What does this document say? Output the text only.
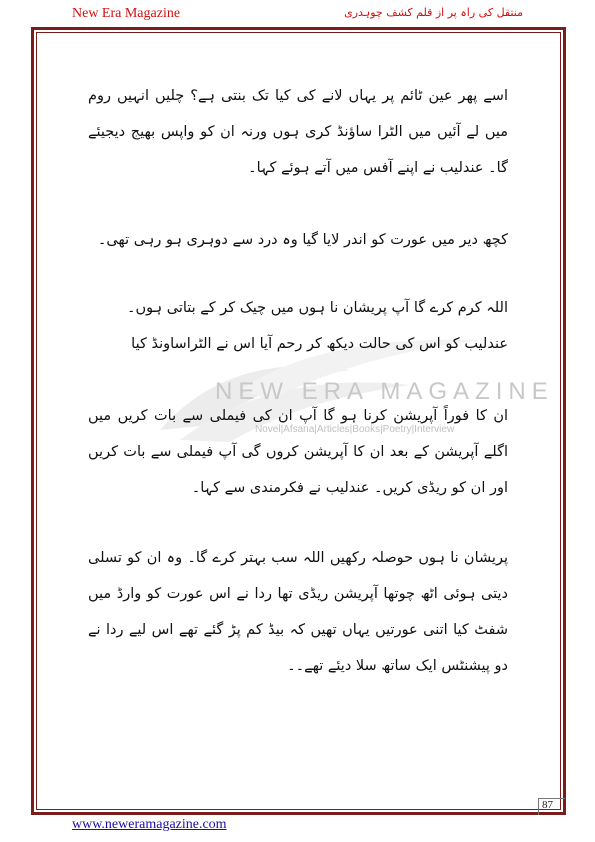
New Era Magazine	منتقل کی راہ پر از قلم کشف چوہدری
NEW ERA MAGAZINE
Novel|Afsana|Articles|Books|Poetry|Interview
اسے پھر عین ٹائم پر یہاں لانے کی کیا تک بنتی ہے؟ چلیں انہیں روم میں لے آئیں میں الٹرا ساؤنڈ کری ہوں ورنہ ان کو واپس بھیج دیجیئے گا۔ عندلیب نے اپنے آفس میں آتے ہوئے کہا۔
کچھ دیر میں عورت کو اندر لایا گیا وہ درد سے دوہری ہو رہی تھی۔
اللہ کرم کرے گا آپ پریشان نا ہوں میں چیک کر کے بتاتی ہوں۔
عندلیب کو اس کی حالت دیکھ کر رحم آیا اس نے الٹراساونڈ کیا
ان کا فوراً آپریشن کرنا ہو گا آپ ان کی فیملی سے بات کریں میں اگلے آپریشن کے بعد ان کا آپریشن کروں گی آپ فیملی سے بات کریں اور ان کو ریڈی کریں۔ عندلیب نے فکرمندی سے کہا۔
پریشان نا ہوں حوصلہ رکھیں اللہ سب بہتر کرے گا۔ وہ ان کو تسلی دیتی ہوئی اٹھ چوتھا آپریشن ریڈی تھا ردا نے اس عورت کو وارڈ میں شفٹ کیا اتنی عورتیں یہاں تھیں کہ بیڈ کم پڑ گئے تھے اس لیے ردا نے دو پیشنٹس ایک ساتھ سلا دیئے تھے۔۔
87
www.neweramagazine.com
